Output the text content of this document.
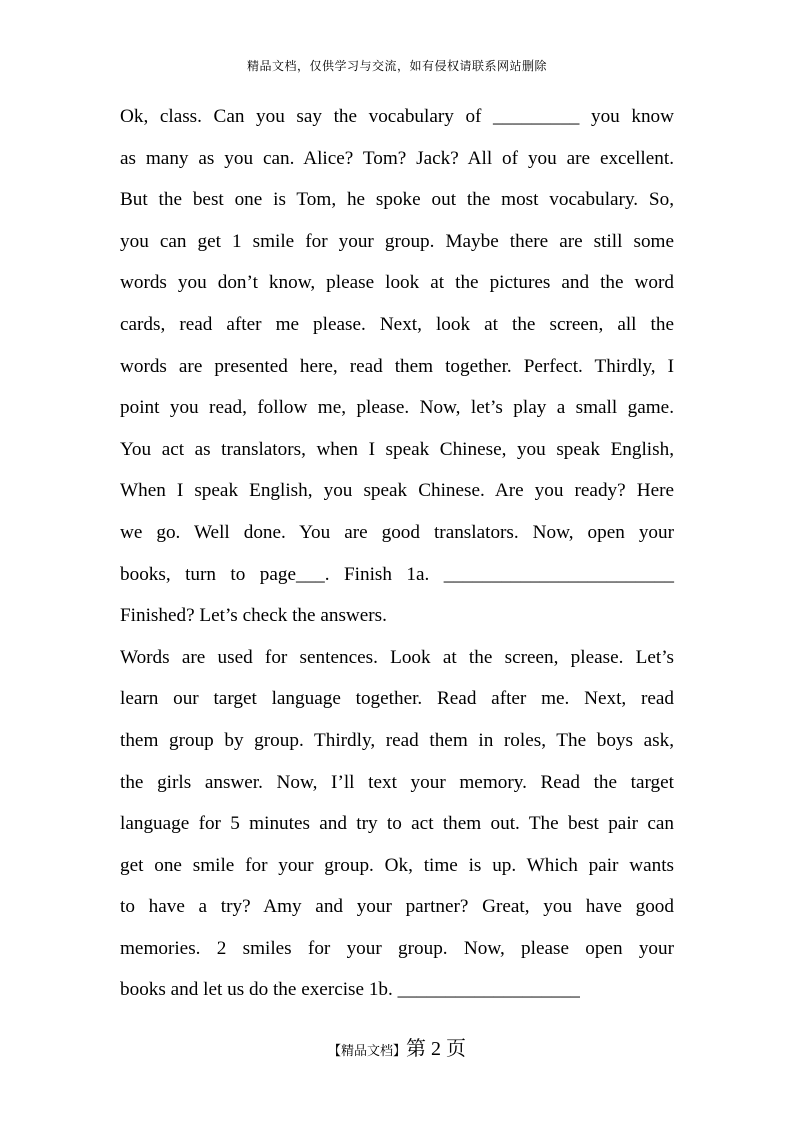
精品文档，仅供学习与交流，如有侵权请联系网站删除
Ok, class. Can you say the vocabulary of _________ you know
as many as you can. Alice? Tom? Jack? All of you are excellent.
But the best one is Tom, he spoke out the most vocabulary. So,
you can get 1 smile for your group. Maybe there are still some
words you don’t know, please look at the pictures and the word
cards, read after me please. Next, look at the screen, all the
words are presented here, read them together. Perfect. Thirdly, I
point you read, follow me, please. Now, let’s play a small game.
You act as translators, when I speak Chinese, you speak English,
When I speak English, you speak Chinese. Are you ready? Here
we go. Well done. You are good translators. Now, open your
books, turn to page___. Finish 1a. ________________________
Finished? Let’s check the answers.
Words are used for sentences. Look at the screen, please. Let’s
learn our target language together. Read after me. Next, read
them group by group. Thirdly, read them in roles, The boys ask,
the girls answer. Now, I’ll text your memory. Read the target
language for 5 minutes and try to act them out. The best pair can
get one smile for your group. Ok, time is up. Which pair wants
to have a try? Amy and your partner? Great, you have good
memories. 2 smiles for your group. Now, please open your
books and let us do the exercise 1b. ___________________
【精品文档】第 2 页
